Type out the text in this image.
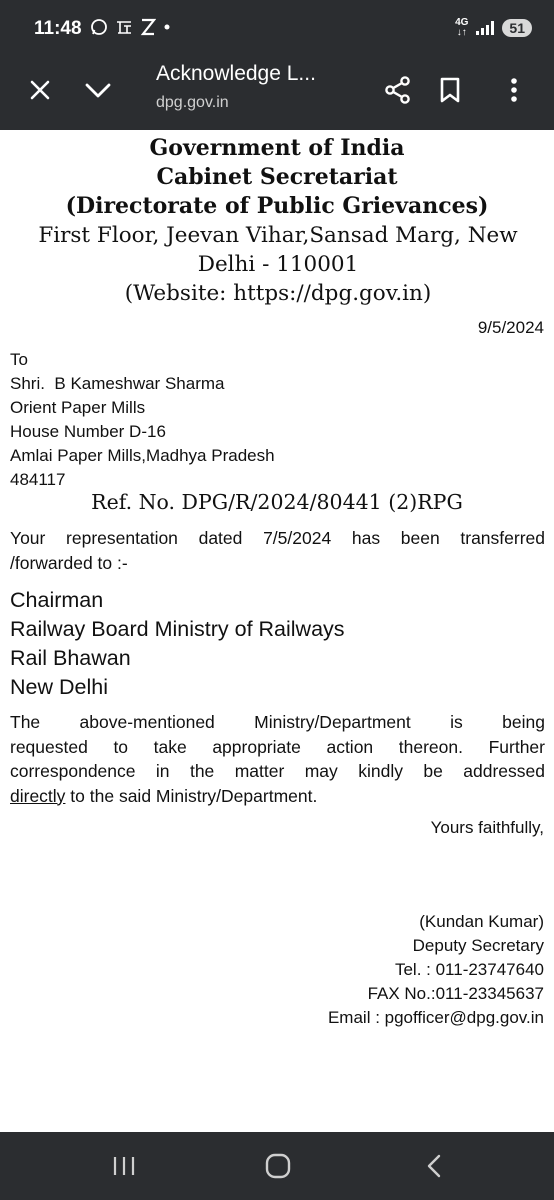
11:48
	4G
↓↑	51
Acknowledge L...
dpg.gov.in
Government of India
Cabinet Secretariat
(Directorate of Public Grievances)
First Floor, Jeevan Vihar,Sansad Marg, New
Delhi - 110001
(Website: https://dpg.gov.in)
9/5/2024
To
Shri.  B Kameshwar Sharma
Orient Paper Mills
House Number D-16
Amlai Paper Mills,Madhya Pradesh
484117
Ref. No. DPG/R/2024/80441 (2)RPG
Your representation dated 7/5/2024 has been transferred
/forwarded to :-
Chairman
Railway Board Ministry of Railways
Rail Bhawan
New Delhi
The above-mentioned Ministry/Department is being
requested to take appropriate action thereon. Further
correspondence in the matter may kindly be addressed
directly to the said Ministry/Department.
Yours faithfully,
(Kundan Kumar)
Deputy Secretary
Tel. : 011-23747640
FAX No.:011-23345637
Email : pgofficer@dpg.gov.in
